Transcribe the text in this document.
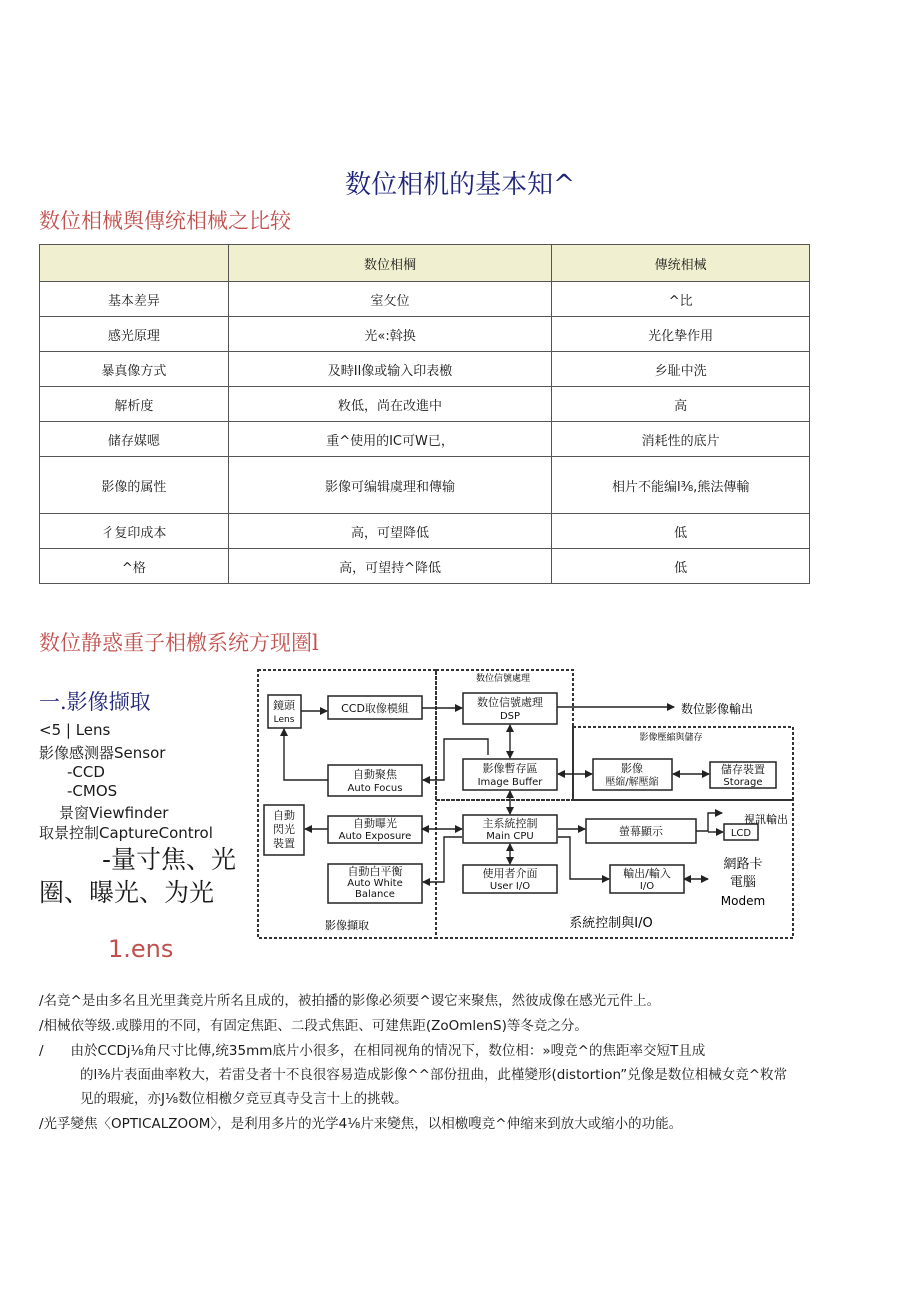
数位相机的基本知^
数位相械舆傳统相械之比较
	数位相棡	傳统相械
基本差异	室攵位	^比
感光原理	光«:斡换	光化挚作用
暴真像方式	及畤Il像或输入印表檄	乡耻中洗
解析度	敉低，尚在改進中	高
储存媒嗯	重^使用的IC可W已，	消耗性的底片
影像的属性	影像可编辑虞理和傳输	相片不能编l⅜,熊法傳輸
彳复印成本	高，可望降低	低
^格	高，可望持^降低	低
数位静惑重子相檄系统方现圏l
一.影像撷取
<5 | Lens
影像感测器Sensor
-CCD
-CMOS
景窗Viewfinder
取景控制CaptureControl
-量寸焦、光
圈、曝光、为光
1.ens
数位信號處理
影像壓縮與儲存
影像擷取	系統控制與I/O
鏡頭
Lens
CCD取像模組	数位信號處理
DSP
自動聚焦
Auto Focus
影像暫存區
Image Buffer
影像
壓縮/解壓縮
儲存裝置
Storage
自動
閃光
裝置
自動曝光
Auto Exposure
主系統控制
Main CPU	螢幕顯示	LCD
自動白平衡
Auto White
Balance
使用者介面
User I/O
輸出/輸入
I/O
数位影像輸出
視訊輸出
網路卡
電腦
Modem
/名竞^是由多名且光里龚竞片所名且成的，被拍播的影像必须要^谡它来聚焦，然彼成像在感光元件上。
/相械依等级.或滕用的不同，有固定焦距、二段式焦距、可建焦距(ZoOmlenS)等冬竞之分。
/　　由於CCDj⅛角尺寸比傳,统35mm底片小很多，在相同视角的情况下，数位相：»嗖竞^的焦距率交短T且成
的l⅜片表面曲率敉大，若雷殳者十不良很容易造成影像^^部份扭曲，此槿變形(distortion”兑像是数位相械女竞^敉常
见的瑕疵，亦J⅛数位相檄夕竞豆真寺殳言十上的挑戟。
/光孚變焦〈OPTICALZOOM〉，是利用多片的光学4⅛片来變焦，以相檄嗖竞^伸缩来到放大或缩小的功能。
